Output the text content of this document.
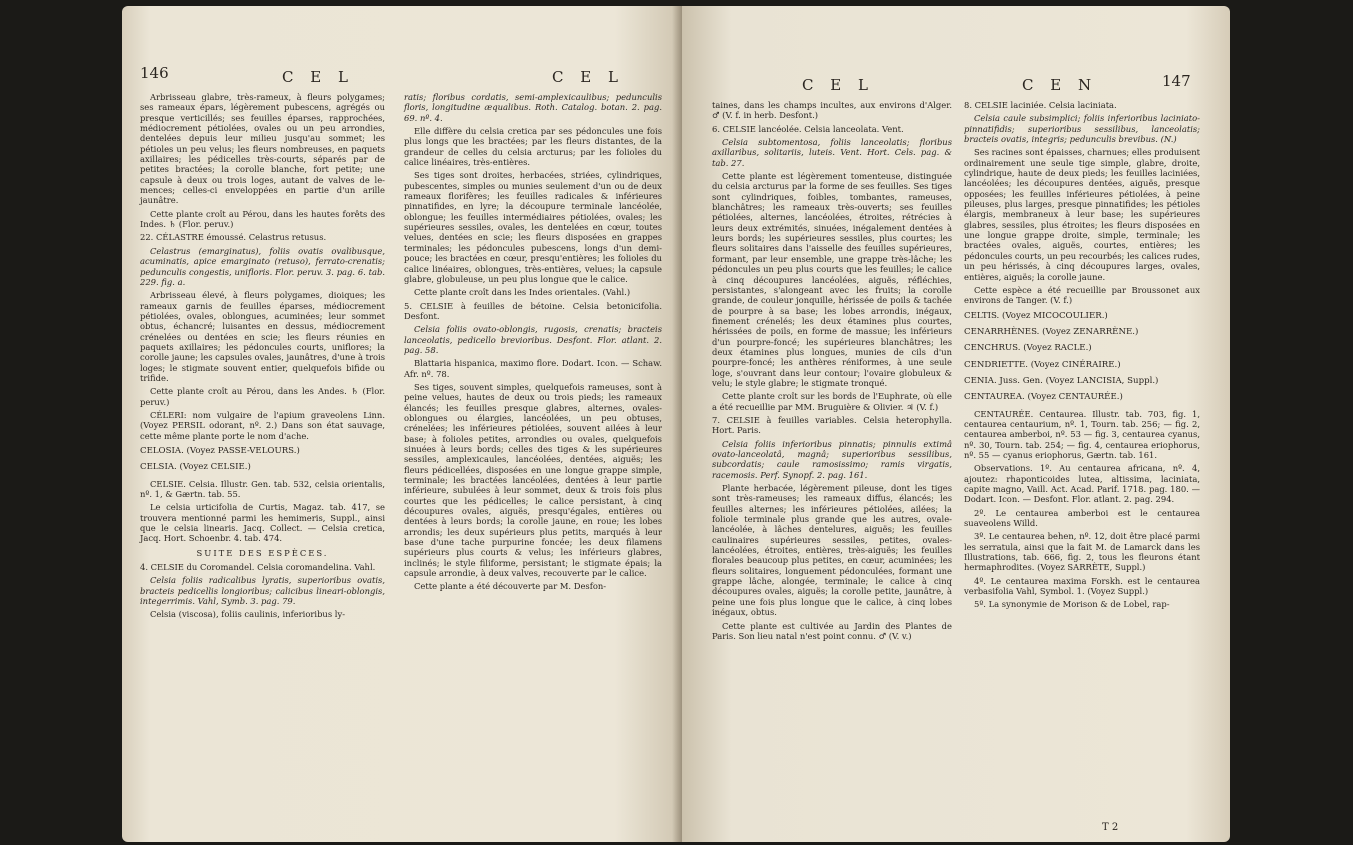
146	C E L	C E L

Arbrisseau glabre, très-rameux, à fleurs polygames; ses rameaux épars, légèrement pubescens, agrégés ou presque verticillés; ses feuilles éparses, rapprochées, médiocrement pétiolées, ovales ou un peu arrondies, dentelées depuis leur milieu jusqu'au sommet; les pétioles un peu velus; les fleurs nombreuses, en paquets axillaires; les pédicelles très-courts, séparés par de petites bractées; la corolle blanche, fort petite; une capsule à deux ou trois loges, autant de valves de le- mences; celles-ci enveloppées en partie d'un arille jaunâtre.

Cette plante croît au Pérou, dans les hautes forêts des Indes. ♄ (Flor. peruv.)

22. CÉLASTRE émoussé. Celastrus retusus.

Celastrus (emarginatus), foliis ovatis ovalibusque, acuminatis, apice emarginato (retuso), ferrato-crenatis; pedunculis congestis, unifloris. Flor. peruv. 3. pag. 6. tab. 229. fig. a.

Arbrisseau élevé, à fleurs polygames, dioiques; les rameaux garnis de feuilles éparses, médiocrement pétiolées, ovales, oblongues, acuminées; leur sommet obtus, échancré; luisantes en dessus, médiocrement crénelées ou dentées en scie; les fleurs réunies en paquets axillaires; les pédoncules courts, uniflores; la corolle jaune; les capsules ovales, jaunâtres, d'une à trois loges; le stigmate souvent entier, quelquefois bifide ou trifide.

Cette plante croît au Pérou, dans les Andes. ♄ (Flor. peruv.)

CÉLERI: nom vulgaire de l'apium graveolens Linn. (Voyez PERSIL odorant, nº. 2.) Dans son état sauvage, cette même plante porte le nom d'ache.

CELOSIA. (Voyez PASSE-VELOURS.)

CELSIA. (Voyez CELSIE.)

CELSIE. Celsia. Illustr. Gen. tab. 532, celsia orientalis, nº. 1, & Gærtn. tab. 55.

Le celsia urticifolia de Curtis, Magaz. tab. 417, se trouvera mentionné parmi les hemimeris, Suppl., ainsi que le celsia linearis. Jacq. Collect. — Celsia cretica, Jacq. Hort. Schoenbr. 4. tab. 474.

SUITE DES ESPÈCES.

4. CELSIE du Coromandel. Celsia coromandelina. Vahl.

Celsia foliis radicalibus lyratis, superioribus ovatis, bracteis pedicellis longioribus; calicibus lineari-oblongis, integerrimis. Vahl, Symb. 3. pag. 79.

Celsia (viscosa), foliis caulinis, inferioribus ly-

ratis; floribus cordatis, semi-amplexicaulibus; pedunculis floris, longitudine æqualibus. Roth. Catalog. botan. 2. pag. 69. nº. 4.

Elle diffère du celsia cretica par ses pédoncules une fois plus longs que les bractées; par les fleurs distantes, de la grandeur de celles du celsia arcturus; par les folioles du calice linéaires, très-entières.

Ses tiges sont droites, herbacées, striées, cylindriques, pubescentes, simples ou munies seulement d'un ou de deux rameaux florifères; les feuilles radicales & inférieures pinnatifides, en lyre; la découpure terminale lancéolée, oblongue; les feuilles intermédiaires pétiolées, ovales; les supérieures sessiles, ovales, les dentelées en cœur, toutes velues, dentées en scie; les fleurs disposées en grappes terminales; les pédoncules pubescens, longs d'un demi-pouce; les bractées en cœur, presqu'entières; les folioles du calice linéaires, oblongues, très-entières, velues; la capsule glabre, globuleuse, un peu plus longue que le calice.

Cette plante croît dans les Indes orientales. (Vahl.)

5. CELSIE à feuilles de bétoine. Celsia betonicifolia. Desfont.

Celsia foliis ovato-oblongis, rugosis, crenatis; bracteis lanceolatis, pedicello brevioribus. Desfont. Flor. atlant. 2. pag. 58.

Blattaria hispanica, maximo flore. Dodart. Icon. — Schaw. Afr. nº. 78.

Ses tiges, souvent simples, quelquefois rameuses, sont à peine velues, hautes de deux ou trois pieds; les rameaux élancés; les feuilles presque glabres, alternes, ovales-oblongues ou élargies, lancéolées, un peu obtuses, crénelées; les inférieures pétiolées, souvent ailées à leur base; à folioles petites, arrondies ou ovales, quelquefois sinuées à leurs bords; celles des tiges & les supérieures sessiles, amplexicaules, lancéolées, dentées, aiguës; les fleurs pédicellées, disposées en une longue grappe simple, terminale; les bractées lancéolées, dentées à leur partie inférieure, subulées à leur sommet, deux & trois fois plus courtes que les pédicelles; le calice persistant, à cinq découpures ovales, aiguës, presqu'égales, entières ou dentées à leurs bords; la corolle jaune, en roue; les lobes arrondis; les deux supérieurs plus petits, marqués à leur base d'une tache purpurine foncée; les deux filamens supérieurs plus courts & velus; les inférieurs glabres, inclinés; le style filiforme, persistant; le stigmate épais; la capsule arrondie, à deux valves, recouverte par le calice.

Cette plante a été découverte par M. Desfon-

C E L	C E N	147

taines, dans les champs incultes, aux environs d'Alger. ♂ (V. f. in herb. Desfont.)

6. CELSIE lancéolée. Celsia lanceolata. Vent.

Celsia subtomentosa, foliis lanceolatis; floribus axillaribus, solitariis, luteis. Vent. Hort. Cels. pag. & tab. 27.

Cette plante est légèrement tomenteuse, distinguée du celsia arcturus par la forme de ses feuilles. Ses tiges sont cylindriques, foibles, tombantes, rameuses, blanchâtres; les rameaux très-ouverts; ses feuilles pétiolées, alternes, lancéolées, étroites, rétrécies à leurs deux extrémités, sinuées, inégalement dentées à leurs bords; les supérieures sessiles, plus courtes; les fleurs solitaires dans l'aisselle des feuilles supérieures, formant, par leur ensemble, une grappe très-lâche; les pédoncules un peu plus courts que les feuilles; le calice à cinq découpures lancéolées, aiguës, réfléchies, persistantes, s'alongeant avec les fruits; la corolle grande, de couleur jonquille, hérissée de poils & tachée de pourpre à sa base; les lobes arrondis, inégaux, finement crénelés; les deux étamines plus courtes, hérissées de poils, en forme de massue; les inférieurs d'un pourpre-foncé; les supérieures blanchâtres; les deux étamines plus longues, munies de cils d'un pourpre-foncé; les anthères réniformes, à une seule loge, s'ouvrant dans leur contour; l'ovaire globuleux & velu; le style glabre; le stigmate tronqué.

Cette plante croît sur les bords de l'Euphrate, où elle a été recueillie par MM. Bruguière & Olivier. ♃ (V. f.)

7. CELSIE à feuilles variables. Celsia heterophylla. Hort. Paris.

Celsia foliis inferioribus pinnatis; pinnulis extimâ ovato-lanceolatâ, magnâ; superioribus sessilibus, subcordatis; caule ramosissimo; ramis virgatis, racemosis. Perf. Synopf. 2. pag. 161.

Plante herbacée, légèrement pileuse, dont les tiges sont très-rameuses; les rameaux diffus, élancés; les feuilles alternes; les inférieures pétiolées, ailées; la foliole terminale plus grande que les autres, ovale-lancéolée, à lâches dentelures, aiguës; les feuilles caulinaires supérieures sessiles, petites, ovales-lancéolées, étroites, entières, très-aiguës; les feuilles florales beaucoup plus petites, en cœur, acuminées; les fleurs solitaires, longuement pédonculées, formant une grappe lâche, alongée, terminale; le calice à cinq découpures ovales, aiguës; la corolle petite, jaunâtre, à peine une fois plus longue que le calice, à cinq lobes inégaux, obtus.

Cette plante est cultivée au Jardin des Plantes de Paris. Son lieu natal n'est point connu. ♂ (V. v.)

8. CELSIE laciniée. Celsia laciniata.

Celsia caule subsimplici; foliis inferioribus laciniato-pinnatifidis; superioribus sessilibus, lanceolatis; bracteis ovatis, integris; pedunculis brevibus. (N.)

Ses racines sont épaisses, charnues; elles produisent ordinairement une seule tige simple, glabre, droite, cylindrique, haute de deux pieds; les feuilles laciniées, lancéolées; les découpures dentées, aiguës, presque opposées; les feuilles inférieures pétiolées, à peine pileuses, plus larges, presque pinnatifides; les pétioles élargis, membraneux à leur base; les supérieures glabres, sessiles, plus étroites; les fleurs disposées en une longue grappe droite, simple, terminale; les bractées ovales, aiguës, courtes, entières; les pédoncules courts, un peu recourbés; les calices rudes, un peu hérissés, à cinq découpures larges, ovales, entières, aiguës; la corolle jaune.

Cette espèce a été recueillie par Broussonet aux environs de Tanger. (V. f.)

CELTIS. (Voyez MICOCOULIER.)

CENARRHÈNES. (Voyez ZENARRÈNE.)

CENCHRUS. (Voyez RACLE.)

CENDRIETTE. (Voyez CINÉRAIRE.)

CENIA. Juss. Gen. (Voyez LANCISIA, Suppl.)

CENTAUREA. (Voyez CENTAURÉE.)

CENTAURÉE. Centaurea. Illustr. tab. 703, fig. 1, centaurea centaurium, nº. 1, Tourn. tab. 256; — fig. 2, centaurea amberboi, nº. 53 — fig. 3, centaurea cyanus, nº. 30, Tourn. tab. 254; — fig. 4, centaurea eriophorus, nº. 55 — cyanus eriophorus, Gærtn. tab. 161.

Observations. 1º. Au centaurea africana, nº. 4, ajoutez: rhaponticoides lutea, altissima, laciniata, capite magno, Vaill. Act. Acad. Parif. 1718. pag. 180. — Dodart. Icon. — Desfont. Flor. atlant. 2. pag. 294.

2º. Le centaurea amberboi est le centaurea suaveolens Willd.

3º. Le centaurea behen, nº. 12, doit être placé parmi les serratula, ainsi que la fait M. de Lamarck dans les Illustrations, tab. 666, fig. 2, tous les fleurons étant hermaphrodites. (Voyez SARRÈTE, Suppl.)

4º. Le centaurea maxima Forskh. est le centaurea verbasifolia Vahl, Symbol. 1. (Voyez Suppl.)

5º. La synonymie de Morison & de Lobel, rap-

T 2
